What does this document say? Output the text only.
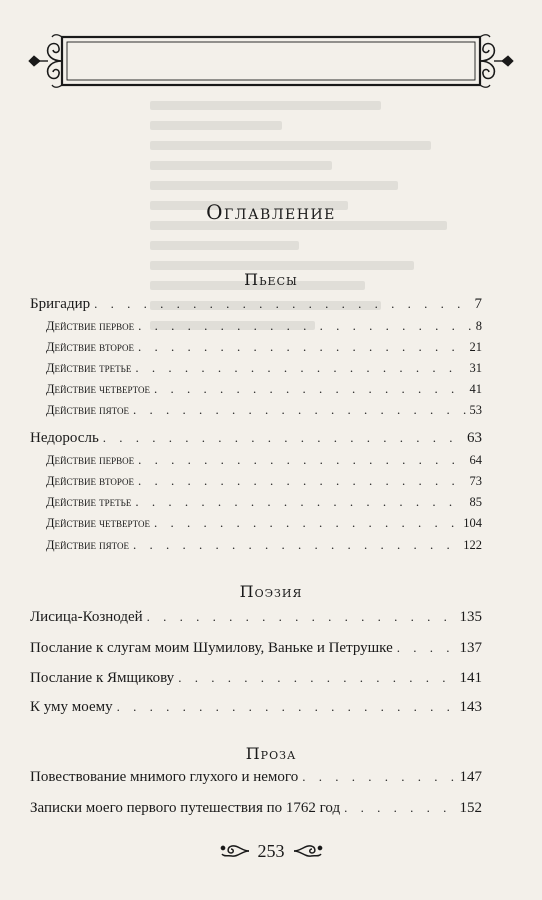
Оглавление
Пьесы
Бригадир . . .	7
Действие первое . . .	8
Действие второе . . .	21
Действие третье . . .	31
Действие четвертое . . .	41
Действие пятое . . .	53
Недоросль . . .	63
Действие первое . . .	64
Действие второе . . .	73
Действие третье . . .	85
Действие четвертое . . .	104
Действие пятое . . .	122
Поэзия
Лисица-Кознодей . . .	135
Послание к слугам моим Шумилову, Ваньке и Петрушке . . .	137
Послание к Ямщикову . . .	141
К уму моему . . .	143
Проза
Повествование мнимого глухого и немого . . .	147
Записки моего первого путешествия по 1762 год . . .	152
253
